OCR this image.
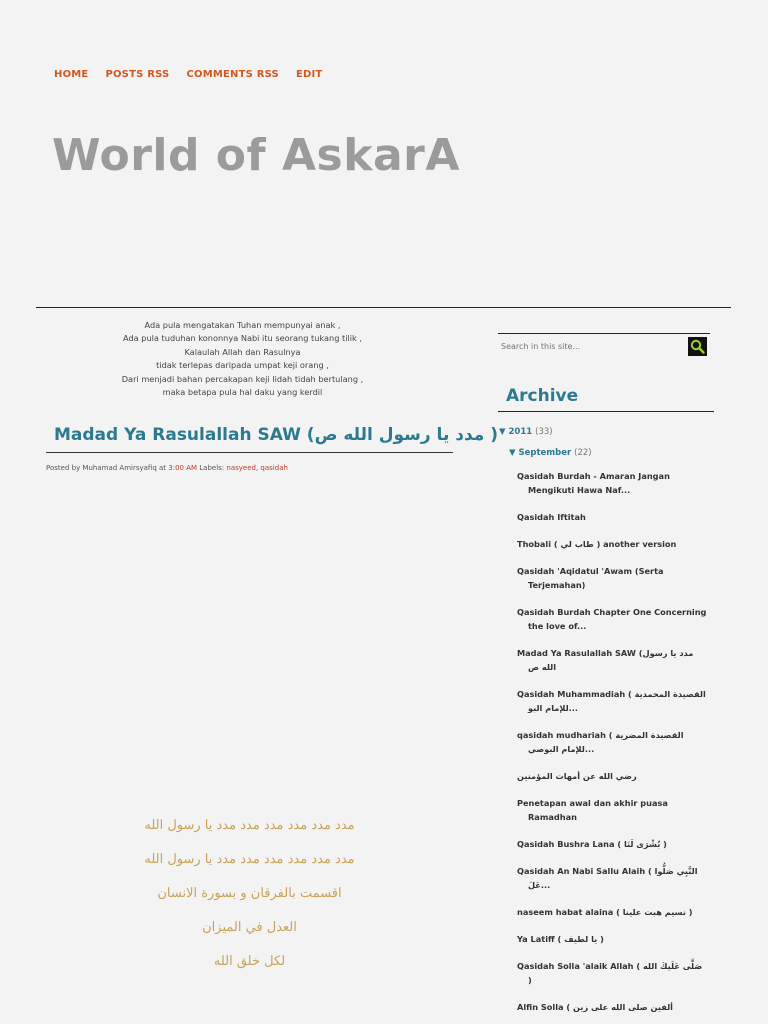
HOME POSTS RSS COMMENTS RSS EDIT
World of AskarA
Ada pula mengatakan Tuhan mempunyai anak ,
Ada pula tuduhan kononnya Nabi itu seorang tukang tilik ,
Kalaulah Allah dan Rasulnya
tidak terlepas daripada umpat keji orang ,
Dari menjadi bahan percakapan keji lidah tidah bertulang ,
maka betapa pula hal daku yang kerdil
Madad Ya Rasulallah SAW (مدد يا رسول الله ص )
Posted by Muhamad Amirsyafiq at 3:00 AM Labels: nasyeed, qasidah
مدد مدد مدد مدد مدد مدد يا رسول الله
مدد مدد مدد مدد مدد مدد يا رسول الله
اقسمت بالفرقان و بسورة الانسان
العدل في الميزان
لكل خلق الله
Search in this site...
Archive
▼ 2011 (33)
▼ September (22)
Qasidah Burdah - Amaran Jangan Mengikuti Hawa Naf...
Qasidah Iftitah
Thobali ( طاب لي ) another version
Qasidah 'Aqidatul 'Awam (Serta Terjemahan)
Qasidah Burdah Chapter One Concerning the love of...
Madad Ya Rasulallah SAW (مدد يا رسول الله ص
Qasidah Muhammadiah ( القصيدة المحمدية للإمام البو...
qasidah mudhariah ( القصيدة المضرية للإمام البوصي...
رضي الله عن أمهات المؤمنين
Penetapan awal dan akhir puasa Ramadhan
Qasidah Bushra Lana ( بُشْرَى لَنَا )
Qasidah An Nabi Sallu Alaih ( النَّبِي صَلُّوا عَلَ...
naseem habat alaina ( نسيم هبت علينا )
Ya Latiff ( يا لطيف )
Qasidah Solla 'alaik Allah ( صَلَّى عَلَيكَ الله )
Alfin Solla ( ألفين صلى الله على زين
